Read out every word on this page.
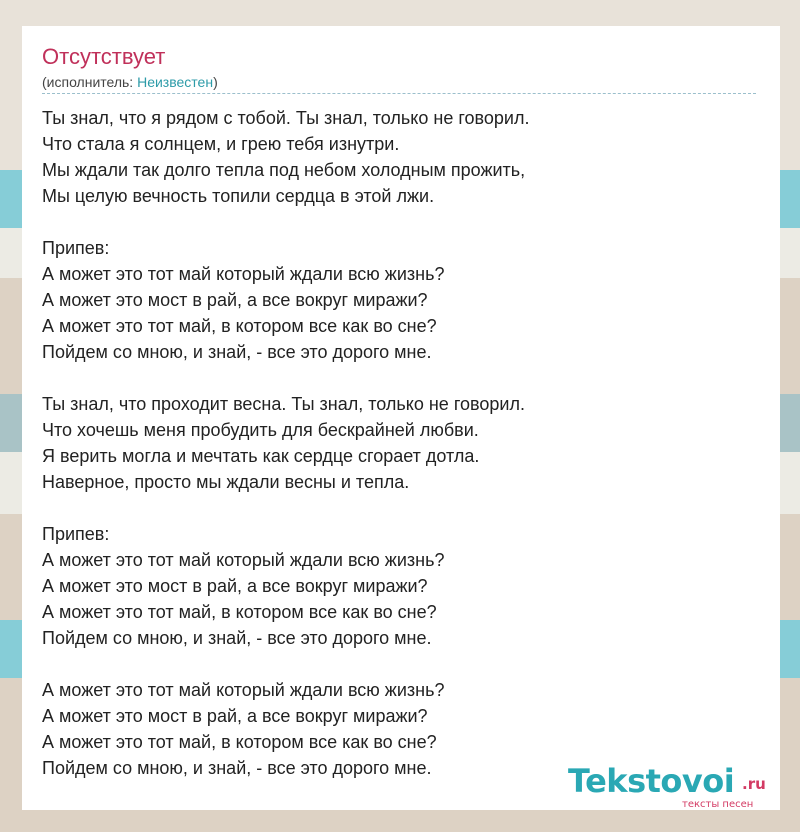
Отсутствует
(исполнитель: Неизвестен)
Ты знал, что я рядом с тобой. Ты знал, только не говорил.
Что стала я солнцем, и грею тебя изнутри.
Мы ждали так долго тепла под небом холодным прожить,
Мы целую вечность топили сердца в этой лжи.
Припев:
А может это тот май который ждали всю жизнь?
А может это мост в рай, а все вокруг миражи?
А может это тот май, в котором все как во сне?
Пойдем со мною, и знай, - все это дорого мне.
Ты знал, что проходит весна. Ты знал, только не говорил.
Что хочешь меня пробудить для бескрайней любви.
Я верить могла и мечтать как сердце сгорает дотла.
Наверное, просто мы ждали весны и тепла.
Припев:
А может это тот май который ждали всю жизнь?
А может это мост в рай, а все вокруг миражи?
А может это тот май, в котором все как во сне?
Пойдем со мною, и знай, - все это дорого мне.
А может это тот май который ждали всю жизнь?
А может это мост в рай, а все вокруг миражи?
А может это тот май, в котором все как во сне?
Пойдем со мною, и знай, - все это дорого мне.	Tekstovoi .ru
тексты песен
